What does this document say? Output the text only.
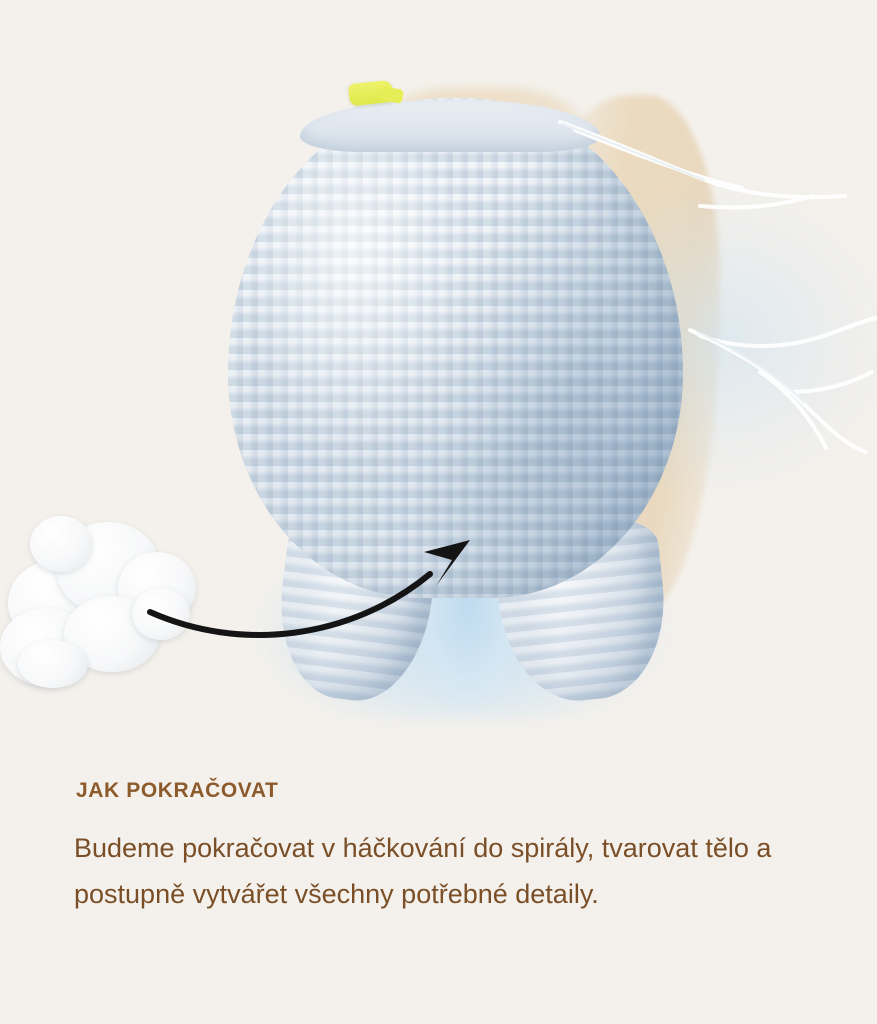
JAK POKRAČOVAT
Budeme pokračovat v háčkování do spirály, tvarovat tělo a postupně vytvářet všechny potřebné detaily.
